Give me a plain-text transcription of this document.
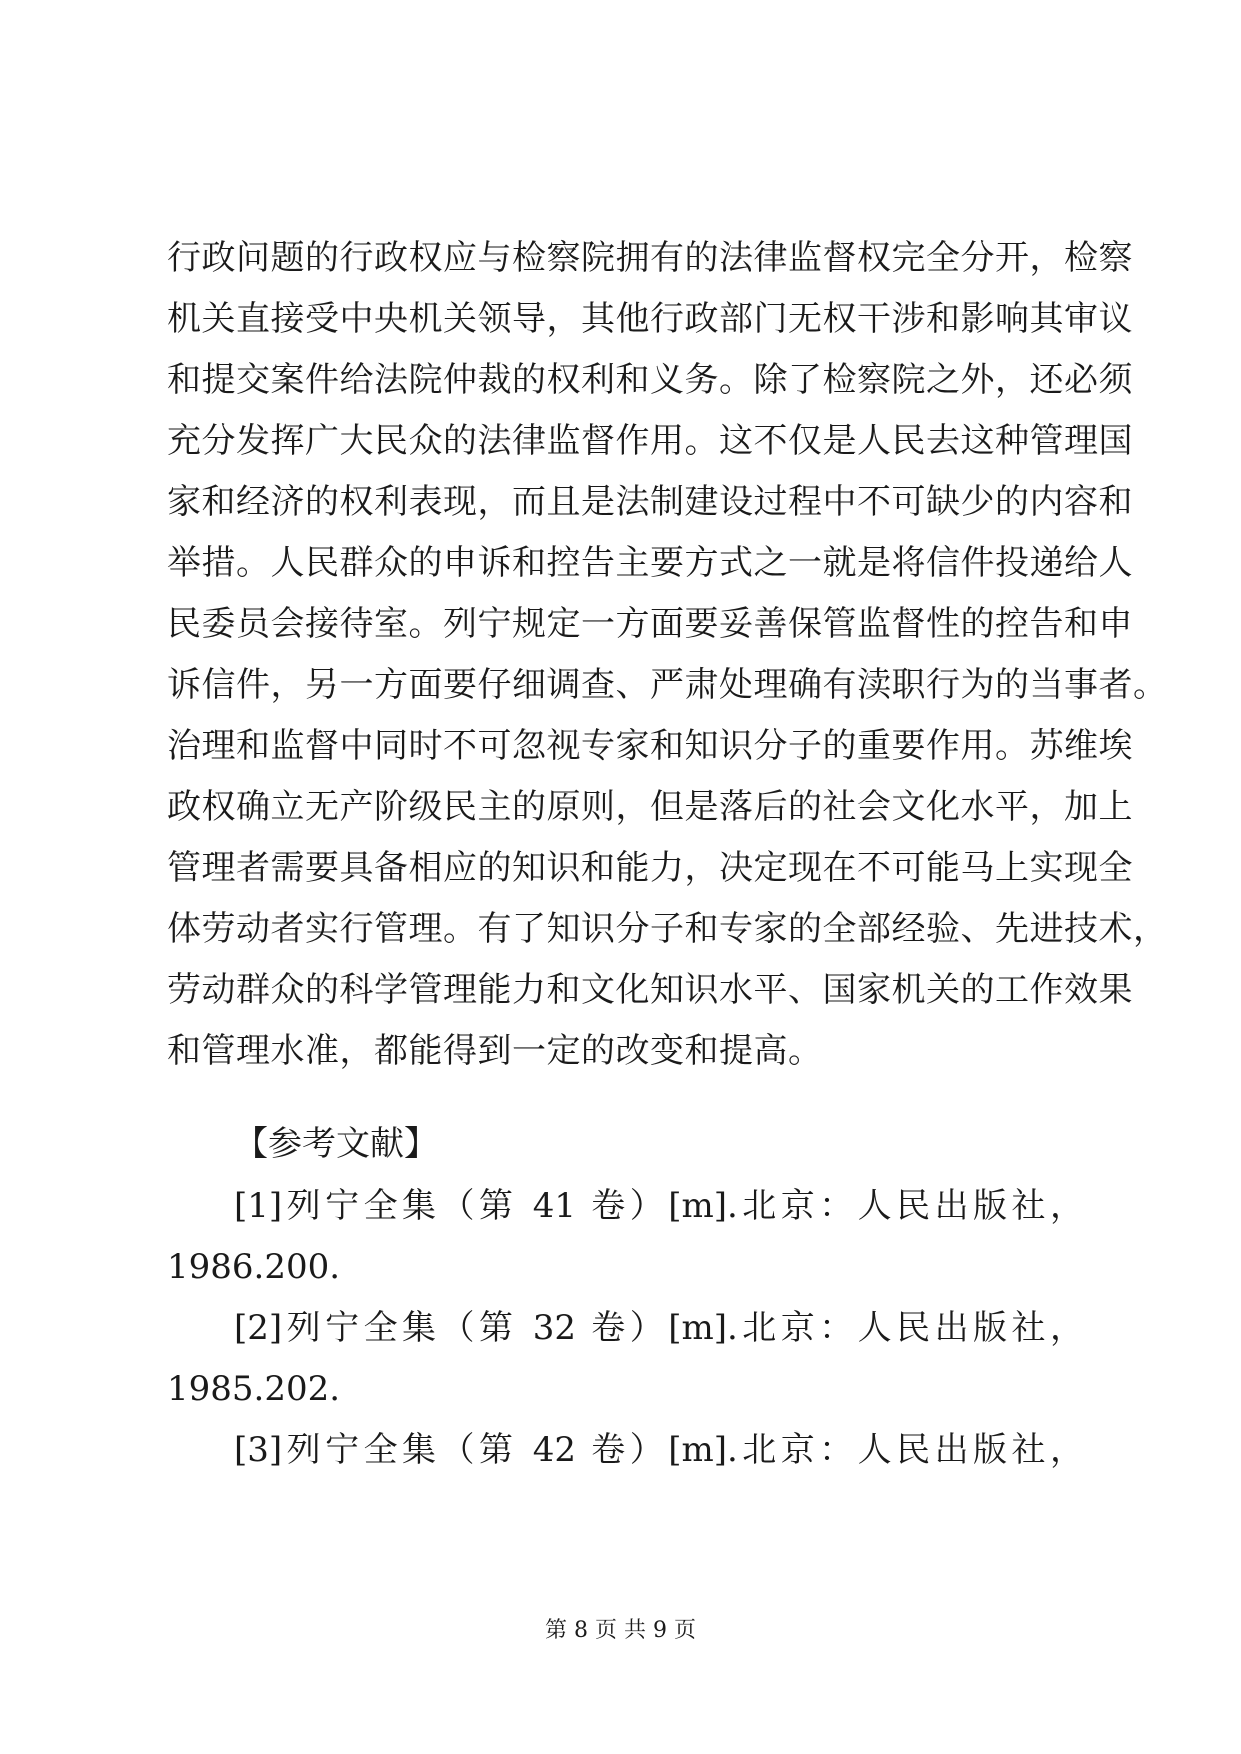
行政问题的行政权应与检察院拥有的法律监督权完全分开，检察
机关直接受中央机关领导，其他行政部门无权干涉和影响其审议
和提交案件给法院仲裁的权利和义务。除了检察院之外，还必须
充分发挥广大民众的法律监督作用。这不仅是人民去这种管理国
家和经济的权利表现，而且是法制建设过程中不可缺少的内容和
举措。人民群众的申诉和控告主要方式之一就是将信件投递给人
民委员会接待室。列宁规定一方面要妥善保管监督性的控告和申
诉信件，另一方面要仔细调查、严肃处理确有渎职行为的当事者。
治理和监督中同时不可忽视专家和知识分子的重要作用。苏维埃
政权确立无产阶级民主的原则，但是落后的社会文化水平，加上
管理者需要具备相应的知识和能力，决定现在不可能马上实现全
体劳动者实行管理。有了知识分子和专家的全部经验、先进技术，
劳动群众的科学管理能力和文化知识水平、国家机关的工作效果
和管理水准，都能得到一定的改变和提高。
【参考文献】
[1]列宁全集（第 41 卷）[m].北京：人民出版社，
1986.200.
[2]列宁全集（第 32 卷）[m].北京：人民出版社，
1985.202.
[3]列宁全集（第 42 卷）[m].北京：人民出版社，
第 8 页 共 9 页
